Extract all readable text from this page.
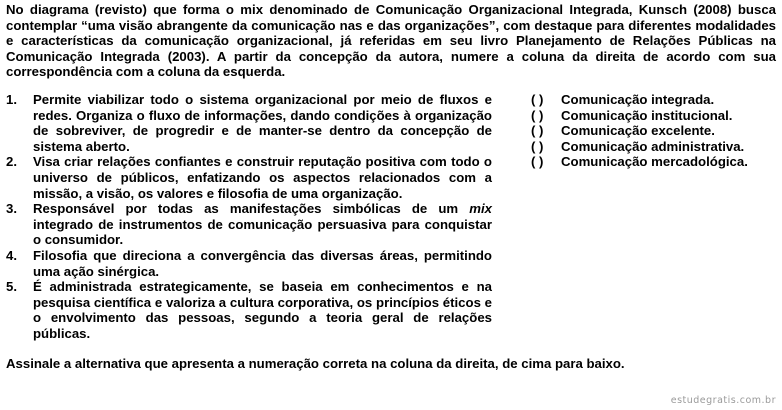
No diagrama (revisto) que forma o mix denominado de Comunicação Organizacional Integrada, Kunsch (2008) busca contemplar “uma visão abrangente da comunicação nas e das organizações”, com destaque para diferentes modalidades e características da comunicação organizacional, já referidas em seu livro Planejamento de Relações Públicas na Comunicação Integrada (2003). A partir da concepção da autora, numere a coluna da direita de acordo com sua correspondência com a coluna da esquerda.

1. Permite viabilizar todo o sistema organizacional por meio de fluxos e redes. Organiza o fluxo de informações, dando condições à organização de sobreviver, de progredir e de manter-se dentro da concepção de sistema aberto.
2. Visa criar relações confiantes e construir reputação positiva com todo o universo de públicos, enfatizando os aspectos relacionados com a missão, a visão, os valores e filosofia de uma organização.
3. Responsável por todas as manifestações simbólicas de um mix integrado de instrumentos de comunicação persuasiva para conquistar o consumidor.
4. Filosofia que direciona a convergência das diversas áreas, permitindo uma ação sinérgica.
5. É administrada estrategicamente, se baseia em conhecimentos e na pesquisa científica e valoriza a cultura corporativa, os princípios éticos e o envolvimento das pessoas, segundo a teoria geral de relações públicas.
( ) Comunicação integrada.
( ) Comunicação institucional.
( ) Comunicação excelente.
( ) Comunicação administrativa.
( ) Comunicação mercadológica.

Assinale a alternativa que apresenta a numeração correta na coluna da direita, de cima para baixo.

estudegratis.com.br
